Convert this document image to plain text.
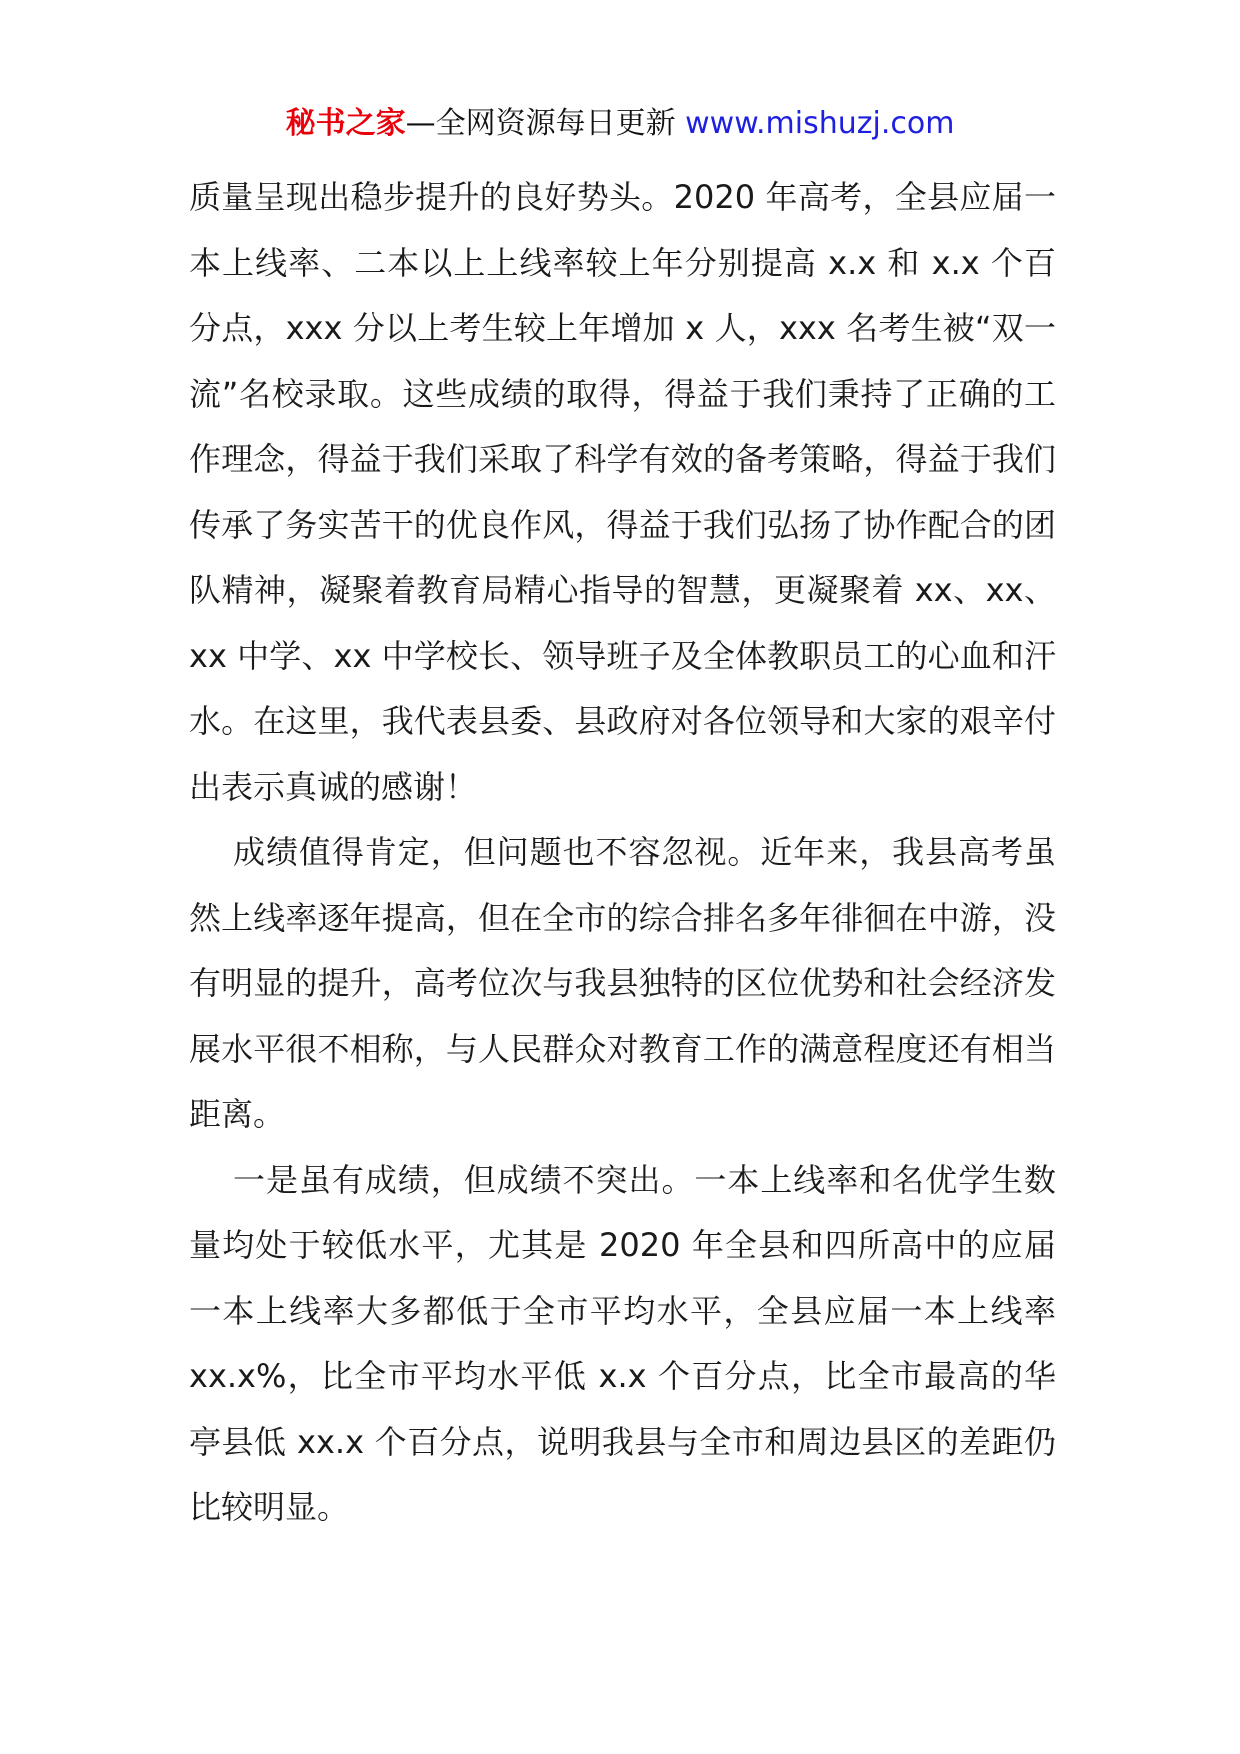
秘书之家—全网资源每日更新 www.mishuzj.com

质量呈现出稳步提升的良好势头。2020 年高考，全县应届一本上线率、二本以上上线率较上年分别提高 x.x 和 x.x 个百分点，xxx 分以上考生较上年增加 x 人，xxx 名考生被“双一流”名校录取。这些成绩的取得，得益于我们秉持了正确的工作理念，得益于我们采取了科学有效的备考策略，得益于我们传承了务实苦干的优良作风，得益于我们弘扬了协作配合的团队精神，凝聚着教育局精心指导的智慧，更凝聚着 xx、xx、xx 中学、xx 中学校长、领导班子及全体教职员工的心血和汗水。在这里，我代表县委、县政府对各位领导和大家的艰辛付出表示真诚的感谢！

成绩值得肯定，但问题也不容忽视。近年来，我县高考虽然上线率逐年提高，但在全市的综合排名多年徘徊在中游，没有明显的提升，高考位次与我县独特的区位优势和社会经济发展水平很不相称，与人民群众对教育工作的满意程度还有相当距离。

一是虽有成绩，但成绩不突出。一本上线率和名优学生数量均处于较低水平，尤其是 2020 年全县和四所高中的应届一本上线率大多都低于全市平均水平，全县应届一本上线率 xx.x%，比全市平均水平低 x.x 个百分点，比全市最高的华亭县低 xx.x 个百分点，说明我县与全市和周边县区的差距仍比较明显。
